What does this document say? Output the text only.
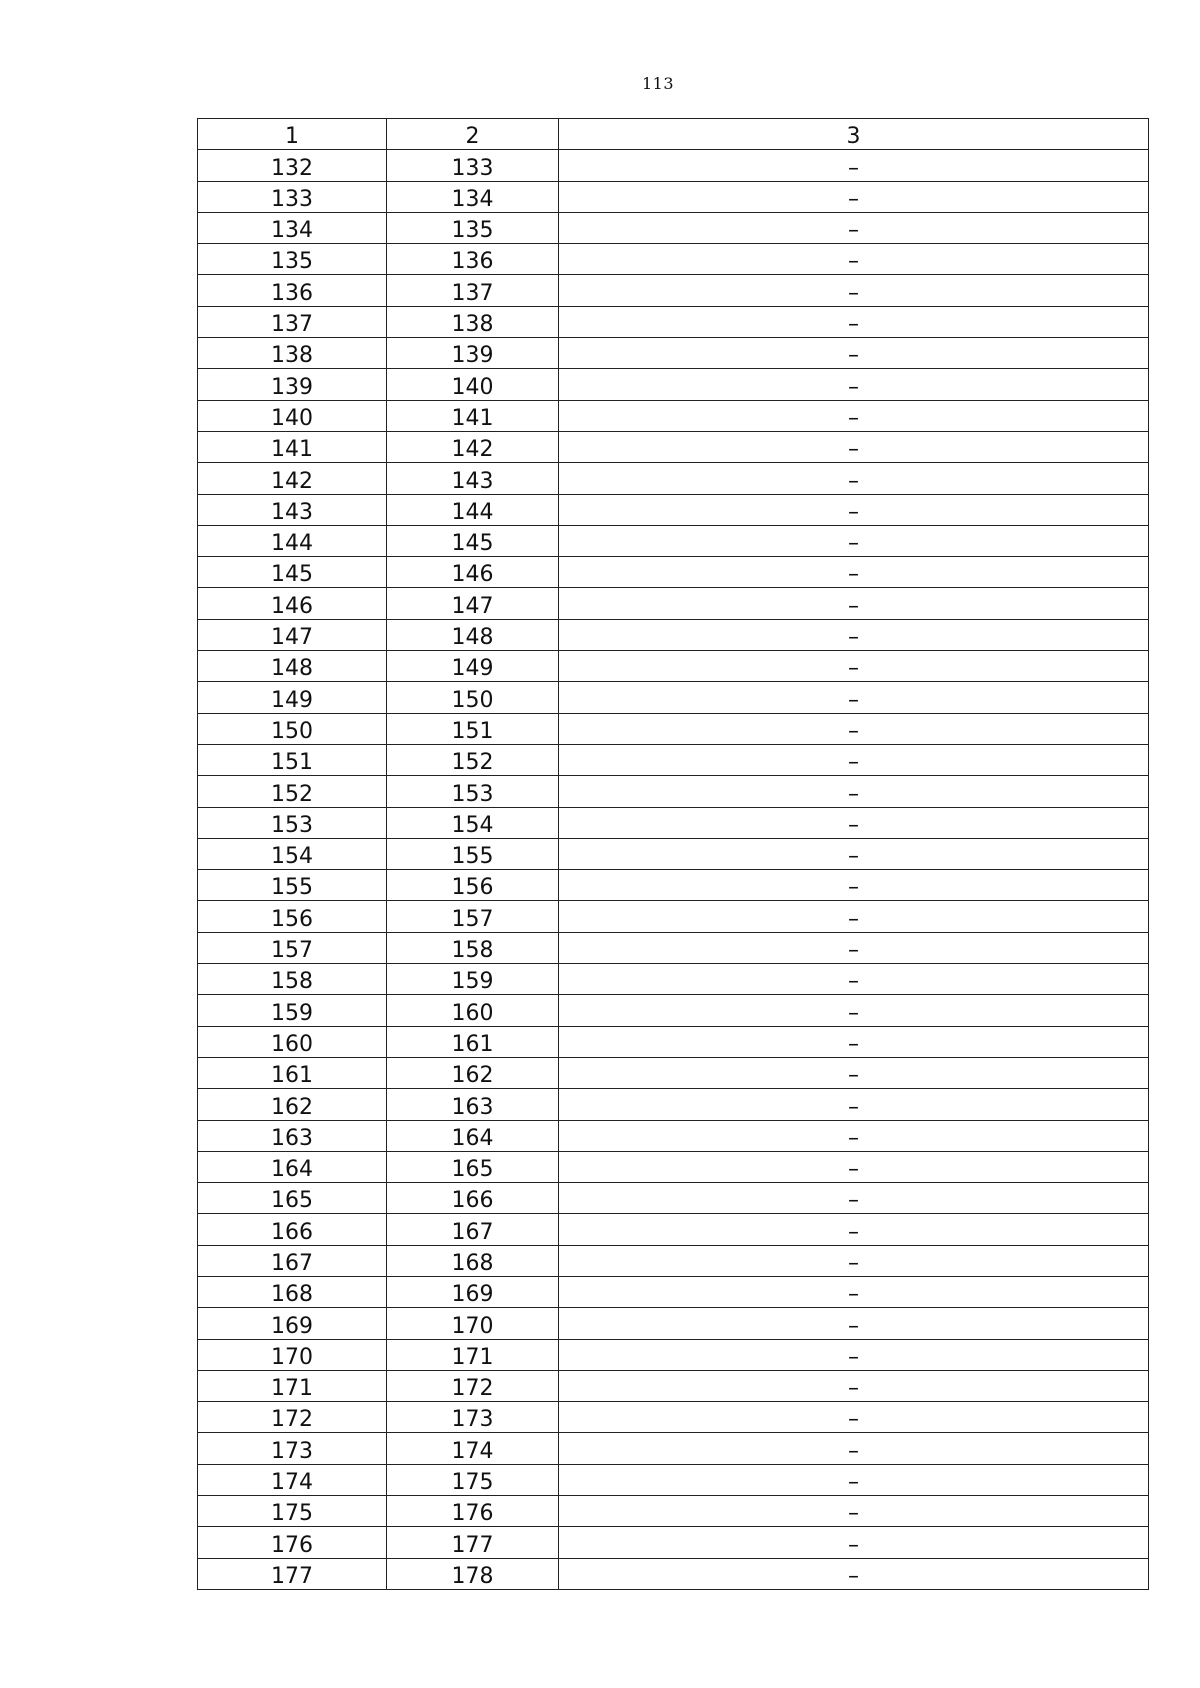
113
1	2	3
132	133	–
133	134	–
134	135	–
135	136	–
136	137	–
137	138	–
138	139	–
139	140	–
140	141	–
141	142	–
142	143	–
143	144	–
144	145	–
145	146	–
146	147	–
147	148	–
148	149	–
149	150	–
150	151	–
151	152	–
152	153	–
153	154	–
154	155	–
155	156	–
156	157	–
157	158	–
158	159	–
159	160	–
160	161	–
161	162	–
162	163	–
163	164	–
164	165	–
165	166	–
166	167	–
167	168	–
168	169	–
169	170	–
170	171	–
171	172	–
172	173	–
173	174	–
174	175	–
175	176	–
176	177	–
177	178	–
